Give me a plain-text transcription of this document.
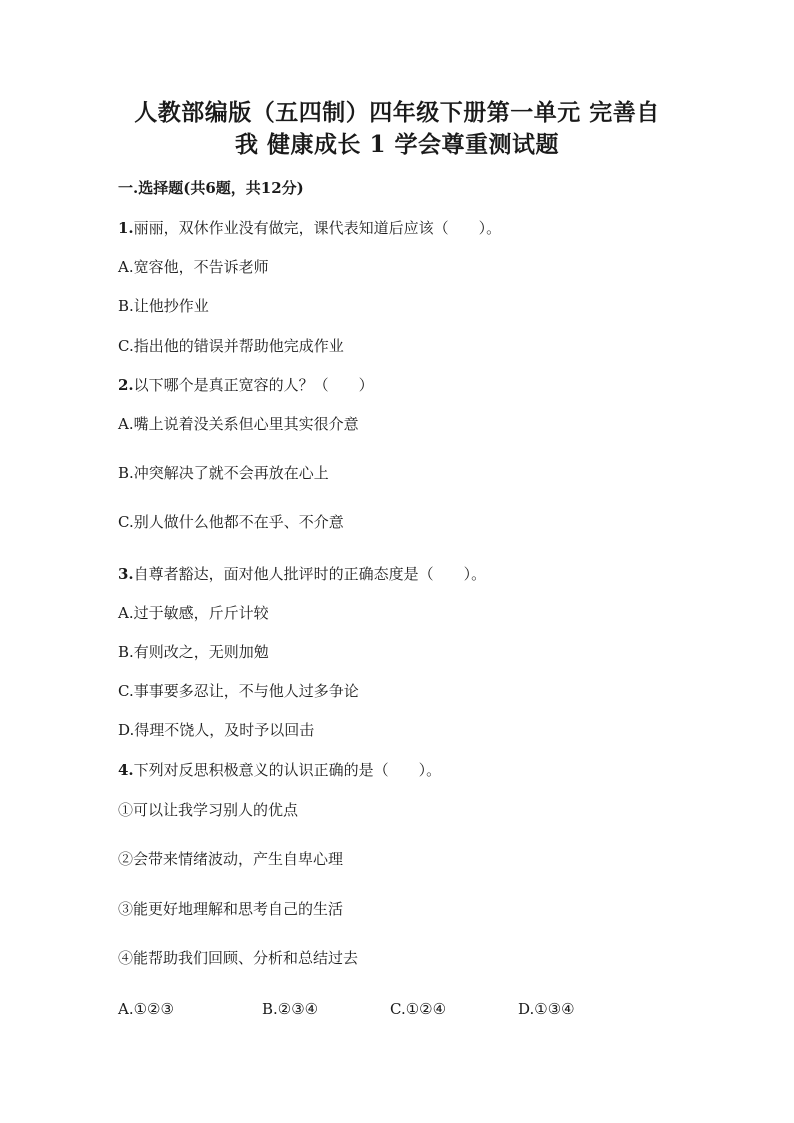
人教部编版（五四制）四年级下册第一单元 完善自
我 健康成长 1 学会尊重测试题
一.选择题(共6题，共12分)
1.丽丽，双休作业没有做完，课代表知道后应该（　　）。
A.宽容他，不告诉老师
B.让他抄作业
C.指出他的错误并帮助他完成作业
2.以下哪个是真正宽容的人？（　　）
A.嘴上说着没关系但心里其实很介意
B.冲突解决了就不会再放在心上
C.别人做什么他都不在乎、不介意
3.自尊者豁达，面对他人批评时的正确态度是（　　）。
A.过于敏感，斤斤计较
B.有则改之，无则加勉
C.事事要多忍让，不与他人过多争论
D.得理不饶人，及时予以回击
4.下列对反思积极意义的认识正确的是（　　）。
①可以让我学习别人的优点
②会带来情绪波动，产生自卑心理
③能更好地理解和思考自己的生活
④能帮助我们回顾、分析和总结过去
A.①②③	B.②③④	C.①②④	D.①③④
